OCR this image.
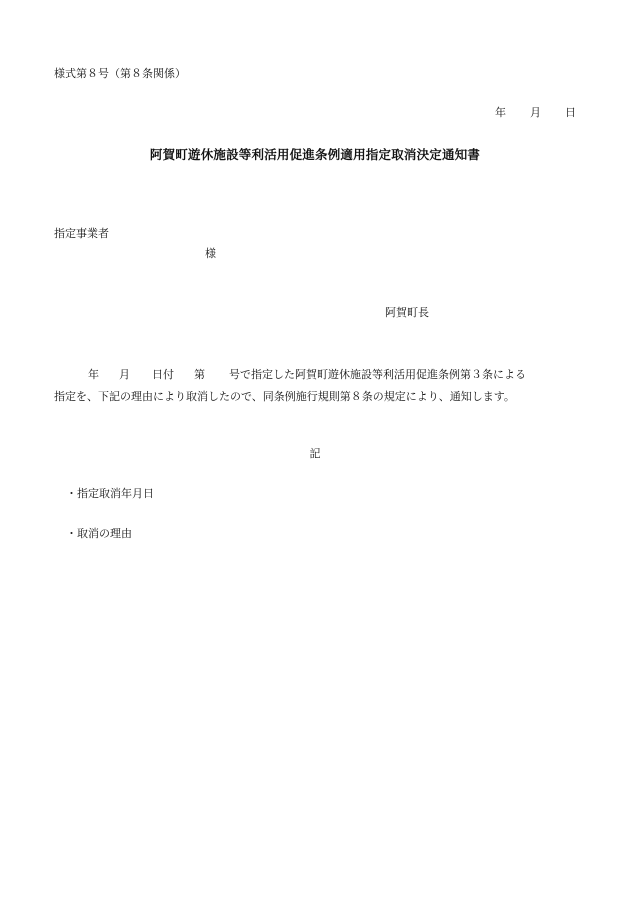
様式第８号（第８条関係）
年 月 日
阿賀町遊休施設等利活用促進条例適用指定取消決定通知書
指定事業者
様
阿賀町長
年 月 日付 第 号で指定した阿賀町遊休施設等利活用促進条例第３条による
指定を、下記の理由により取消したので、同条例施行規則第８条の規定により、通知します。
記
・指定取消年月日
・取消の理由
